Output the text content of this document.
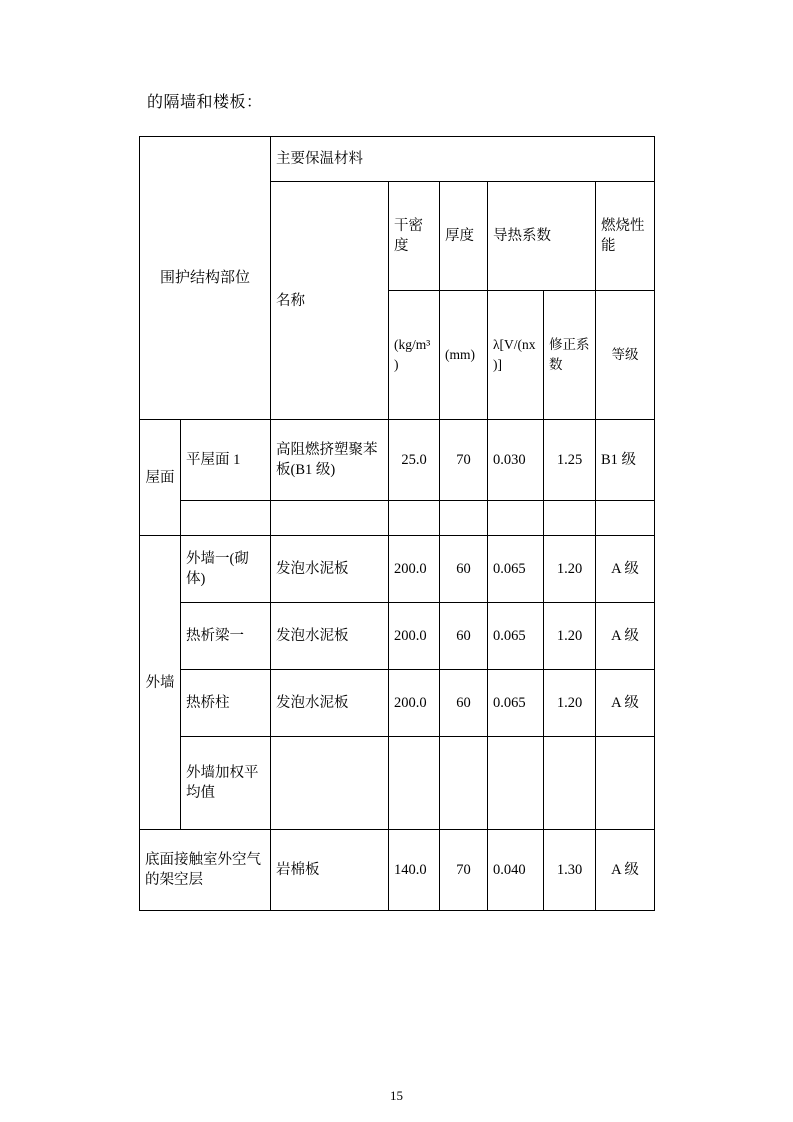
的隔墙和楼板：
围护结构部位		主要保温材料					
		名称	干密度	厚度	导热系数		燃烧性能

			(kg/m³)	(mm)	λ[V/(nx)]	修正系数	等级
屋面	平屋面 1	高阻燃挤塑聚苯板(B1 级)	25.0	70	0.030	1.25	B1 级

外墙	外墙一(砌体)	发泡水泥板	200.0	60	0.065	1.20	A 级
	热析梁一	发泡水泥板	200.0	60	0.065	1.20	A 级
	热桥柱	发泡水泥板	200.0	60	0.065	1.20	A 级
	外墙加权平均值						
底面接触室外空气的架空层		岩棉板	140.0	70	0.040	1.30	A 级
15
